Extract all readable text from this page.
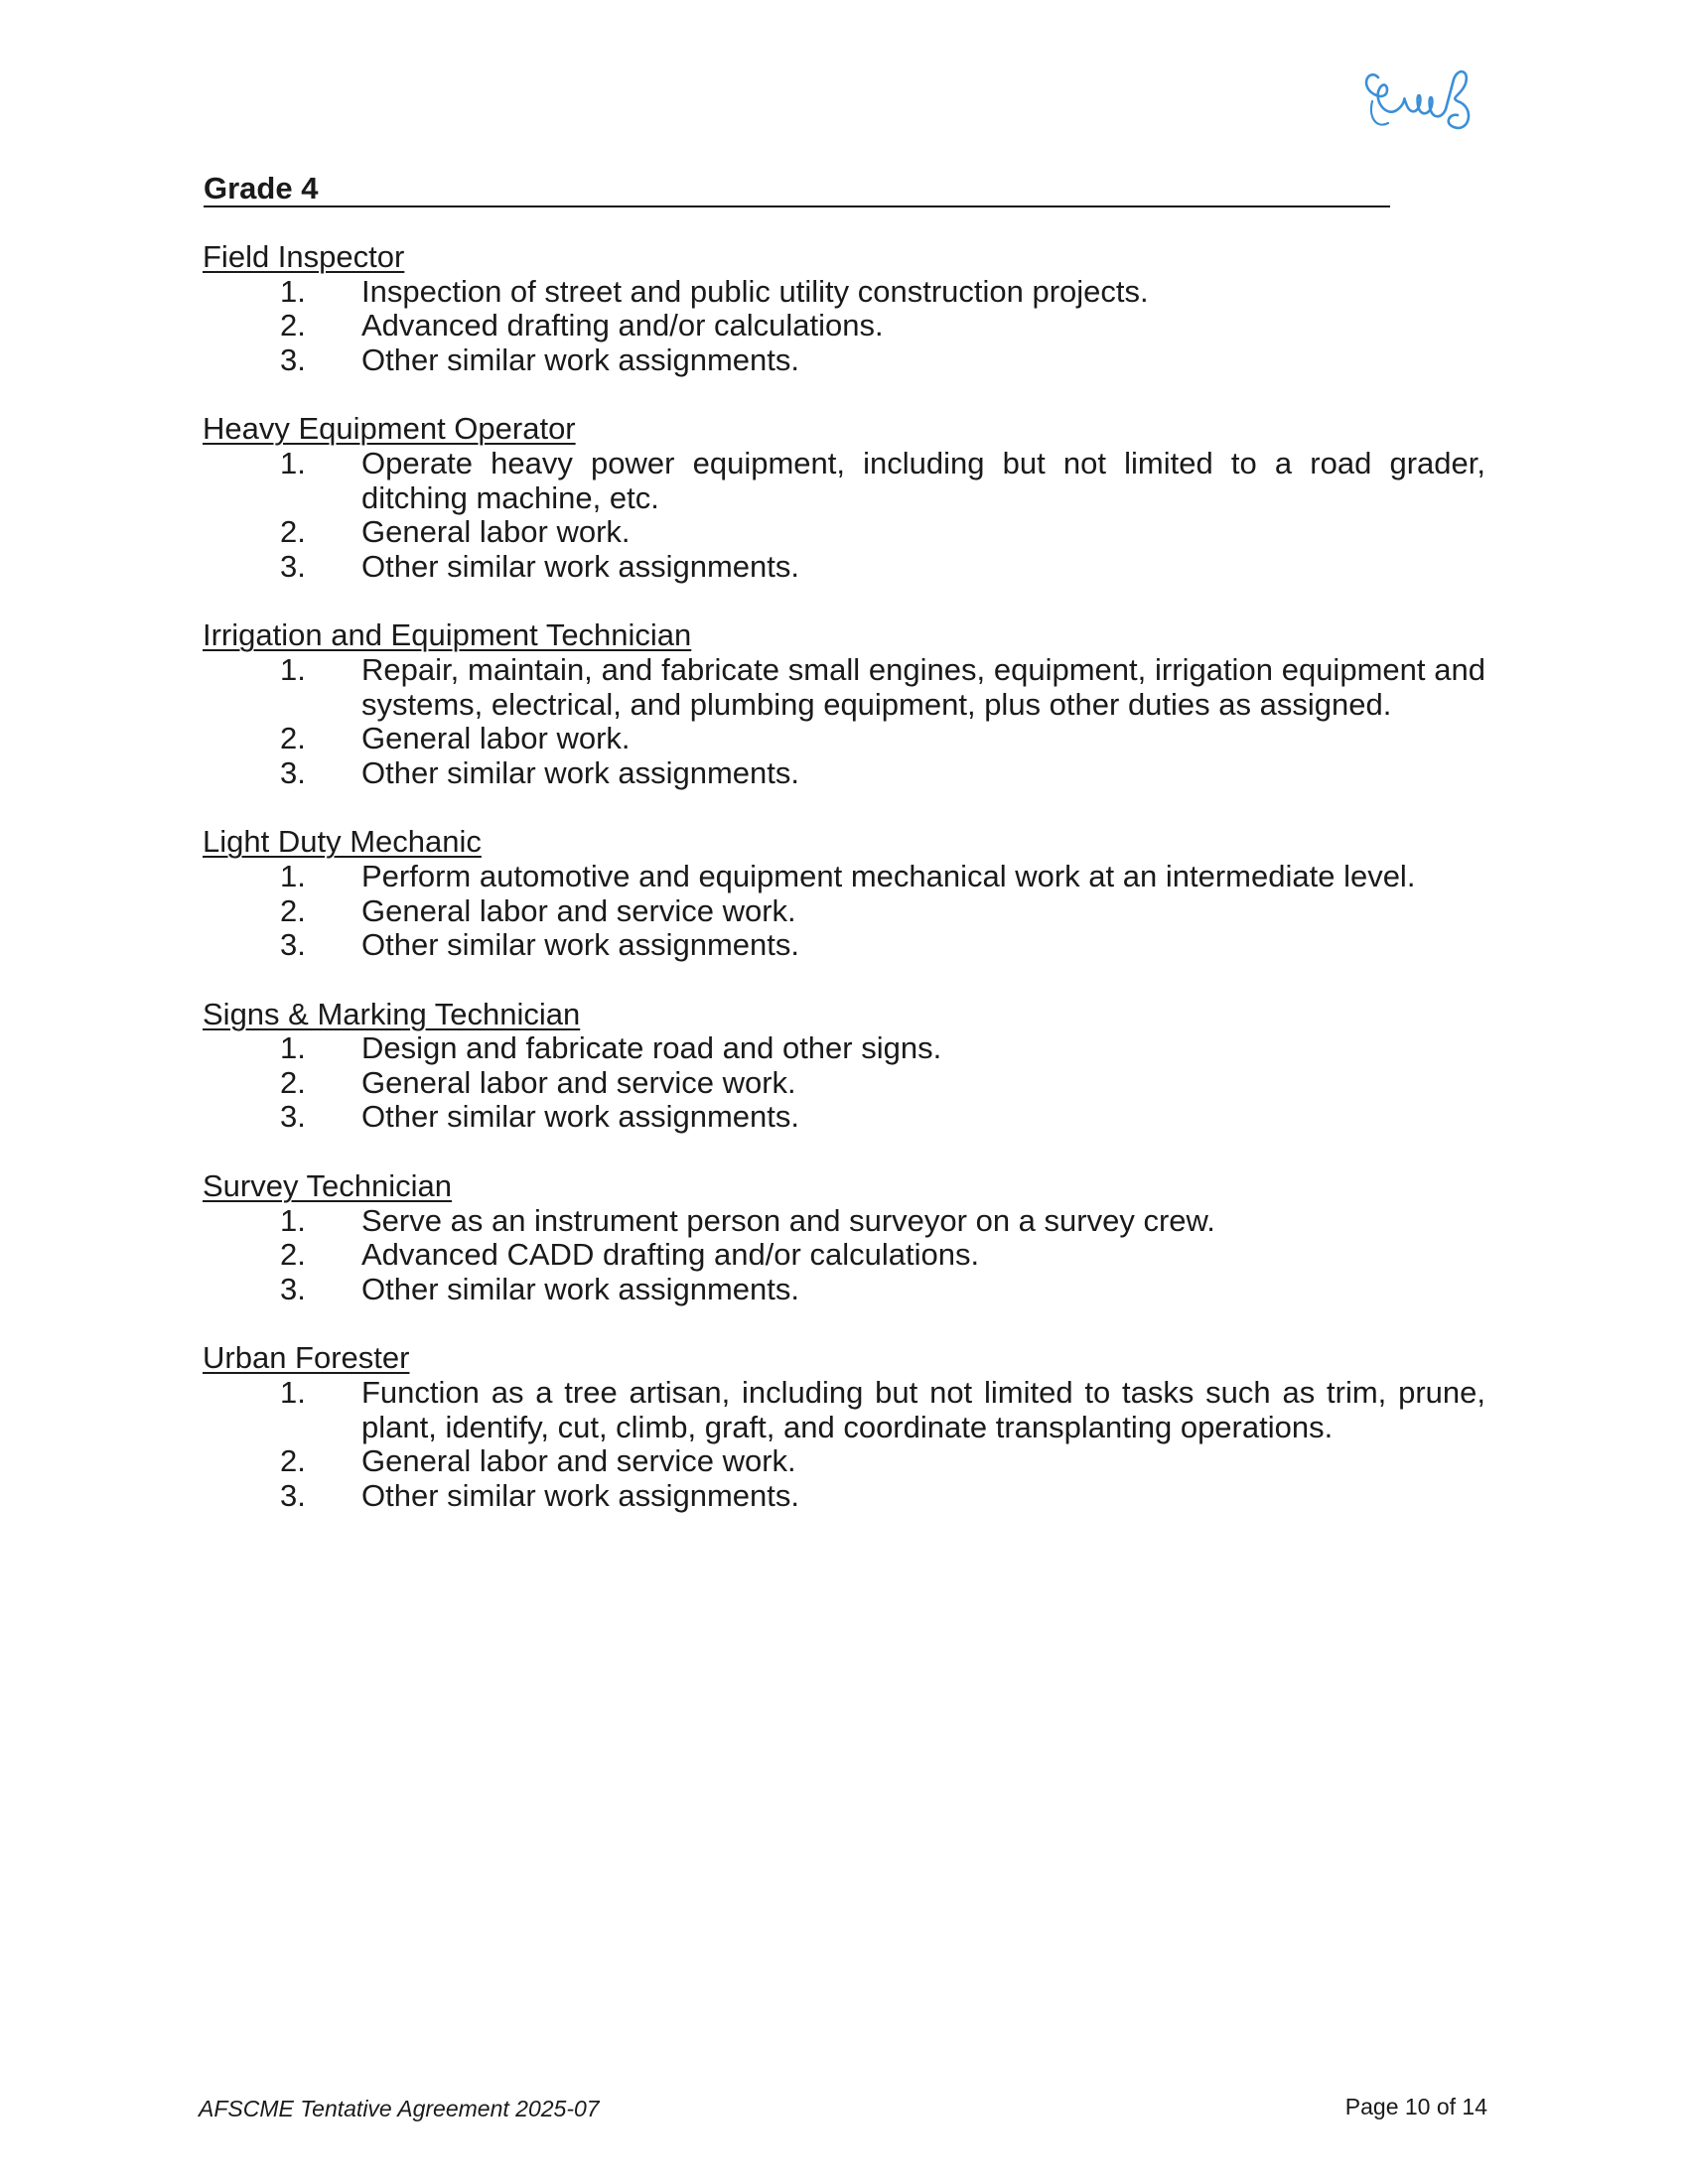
Grade 4
Field Inspector
1.	Inspection of street and public utility construction projects.
2.	Advanced drafting and/or calculations.
3.	Other similar work assignments.
Heavy Equipment Operator
1.	Operate heavy power equipment, including but not limited to a road grader, ditching machine, etc.
2.	General labor work.
3.	Other similar work assignments.
Irrigation and Equipment Technician
1.	Repair, maintain, and fabricate small engines, equipment, irrigation equipment and systems, electrical, and plumbing equipment, plus other duties as assigned.
2.	General labor work.
3.	Other similar work assignments.
Light Duty Mechanic
1.	Perform automotive and equipment mechanical work at an intermediate level.
2.	General labor and service work.
3.	Other similar work assignments.
Signs & Marking Technician
1.	Design and fabricate road and other signs.
2.	General labor and service work.
3.	Other similar work assignments.
Survey Technician
1.	Serve as an instrument person and surveyor on a survey crew.
2.	Advanced CADD drafting and/or calculations.
3.	Other similar work assignments.
Urban Forester
1.	Function as a tree artisan, including but not limited to tasks such as trim, prune, plant, identify, cut, climb, graft, and coordinate transplanting operations.
2.	General labor and service work.
3.	Other similar work assignments.
AFSCME Tentative Agreement 2025-07	Page 10 of 14
